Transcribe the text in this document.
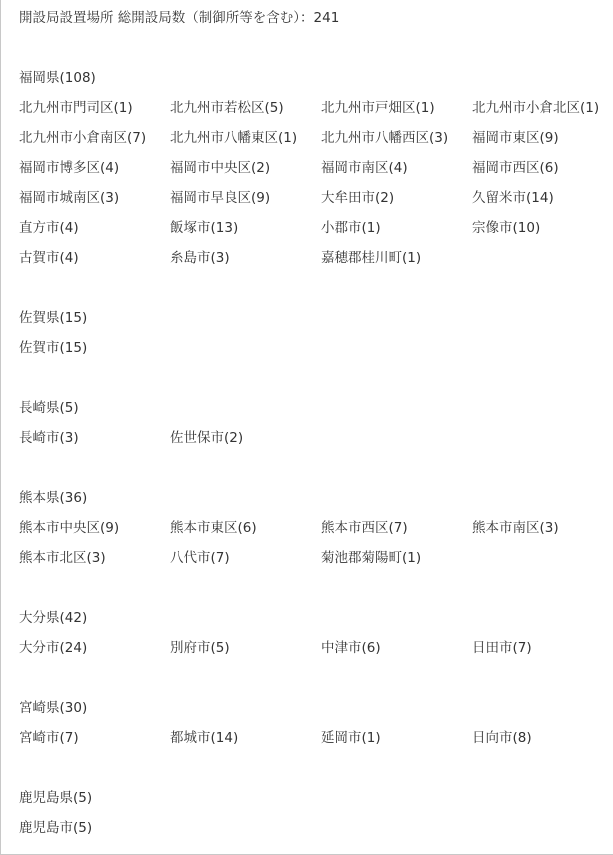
開設局設置場所 総開設局数（制御所等を含む）：241
福岡県(108)
北九州市門司区(1)	北九州市若松区(5)	北九州市戸畑区(1)	北九州市小倉北区(1)
北九州市小倉南区(7)	北九州市八幡東区(1)	北九州市八幡西区(3)	福岡市東区(9)
福岡市博多区(4)	福岡市中央区(2)	福岡市南区(4)	福岡市西区(6)
福岡市城南区(3)	福岡市早良区(9)	大牟田市(2)	久留米市(14)
直方市(4)	飯塚市(13)	小郡市(1)	宗像市(10)
古賀市(4)	糸島市(3)	嘉穂郡桂川町(1)
佐賀県(15)
佐賀市(15)
長崎県(5)
長崎市(3)	佐世保市(2)
熊本県(36)
熊本市中央区(9)	熊本市東区(6)	熊本市西区(7)	熊本市南区(3)
熊本市北区(3)	八代市(7)	菊池郡菊陽町(1)
大分県(42)
大分市(24)	別府市(5)	中津市(6)	日田市(7)
宮崎県(30)
宮崎市(7)	都城市(14)	延岡市(1)	日向市(8)
鹿児島県(5)
鹿児島市(5)
